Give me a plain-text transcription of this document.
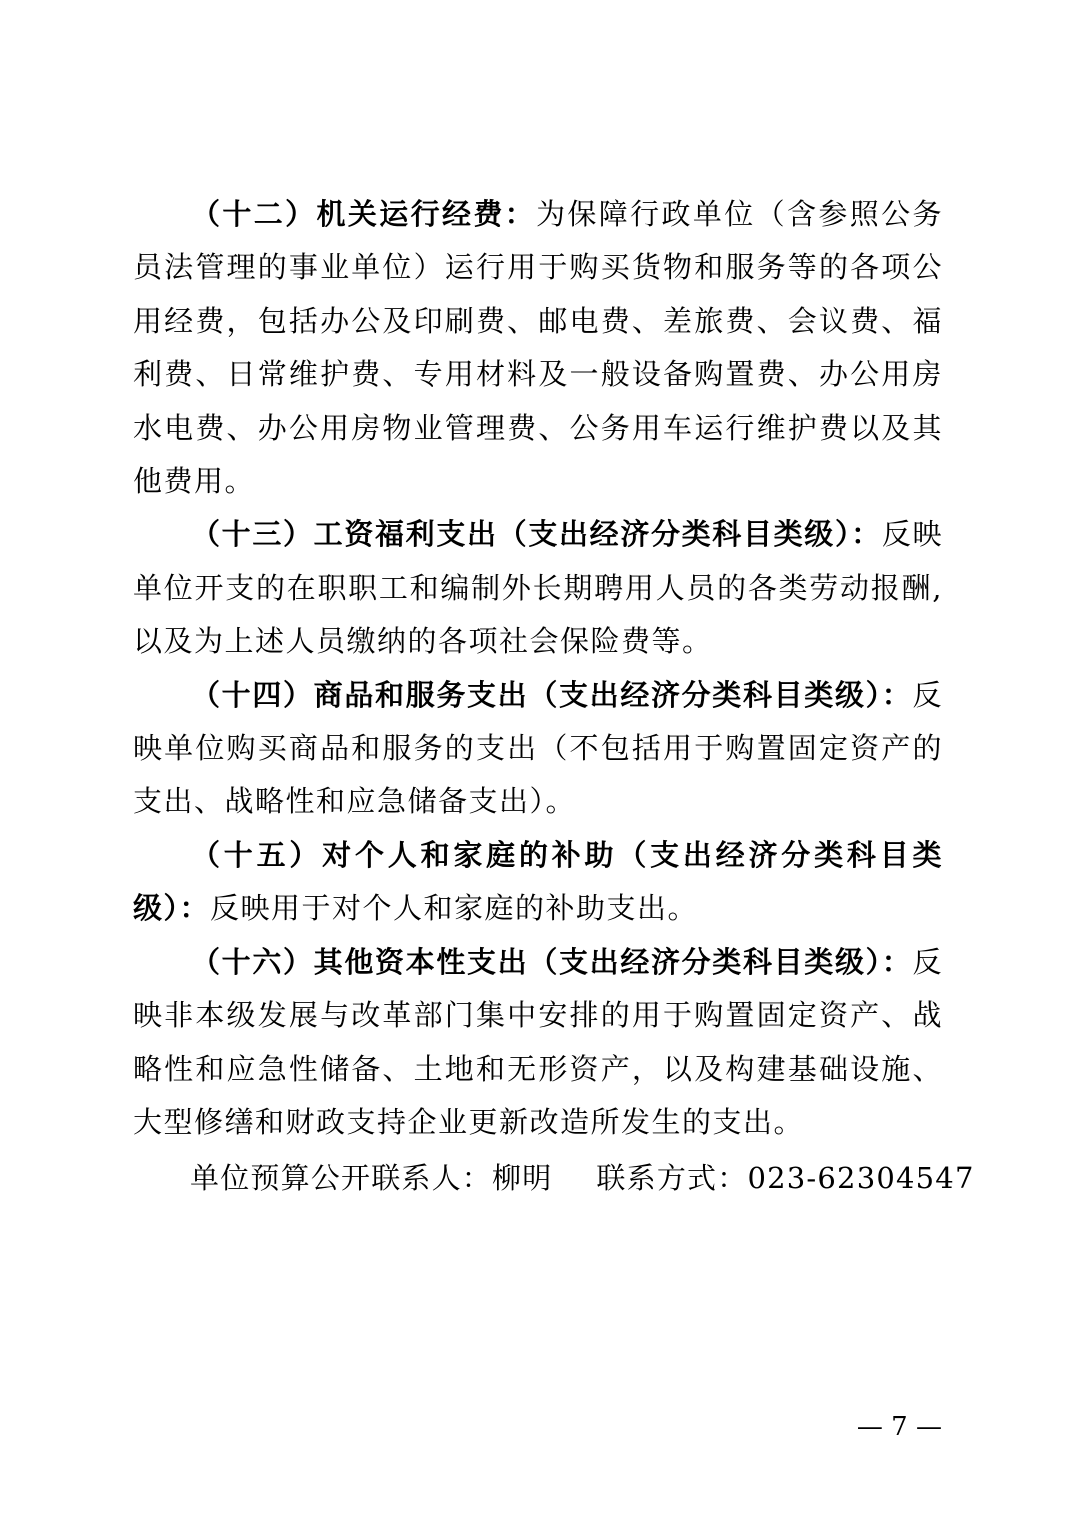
（十二）机关运行经费：为保障行政单位（含参照公务员法管理的事业单位）运行用于购买货物和服务等的各项公用经费，包括办公及印刷费、邮电费、差旅费、会议费、福利费、日常维护费、专用材料及一般设备购置费、办公用房水电费、办公用房物业管理费、公务用车运行维护费以及其他费用。

（十三）工资福利支出（支出经济分类科目类级）：反映单位开支的在职职工和编制外长期聘用人员的各类劳动报酬,以及为上述人员缴纳的各项社会保险费等。

（十四）商品和服务支出（支出经济分类科目类级）：反映单位购买商品和服务的支出（不包括用于购置固定资产的支出、战略性和应急储备支出）。

（十五）对个人和家庭的补助（支出经济分类科目类级）：反映用于对个人和家庭的补助支出。

（十六）其他资本性支出（支出经济分类科目类级）：反映非本级发展与改革部门集中安排的用于购置固定资产、战略性和应急性储备、土地和无形资产，以及构建基础设施、大型修缮和财政支持企业更新改造所发生的支出。

单位预算公开联系人：柳明 联系方式：023-62304547
— 7 —
